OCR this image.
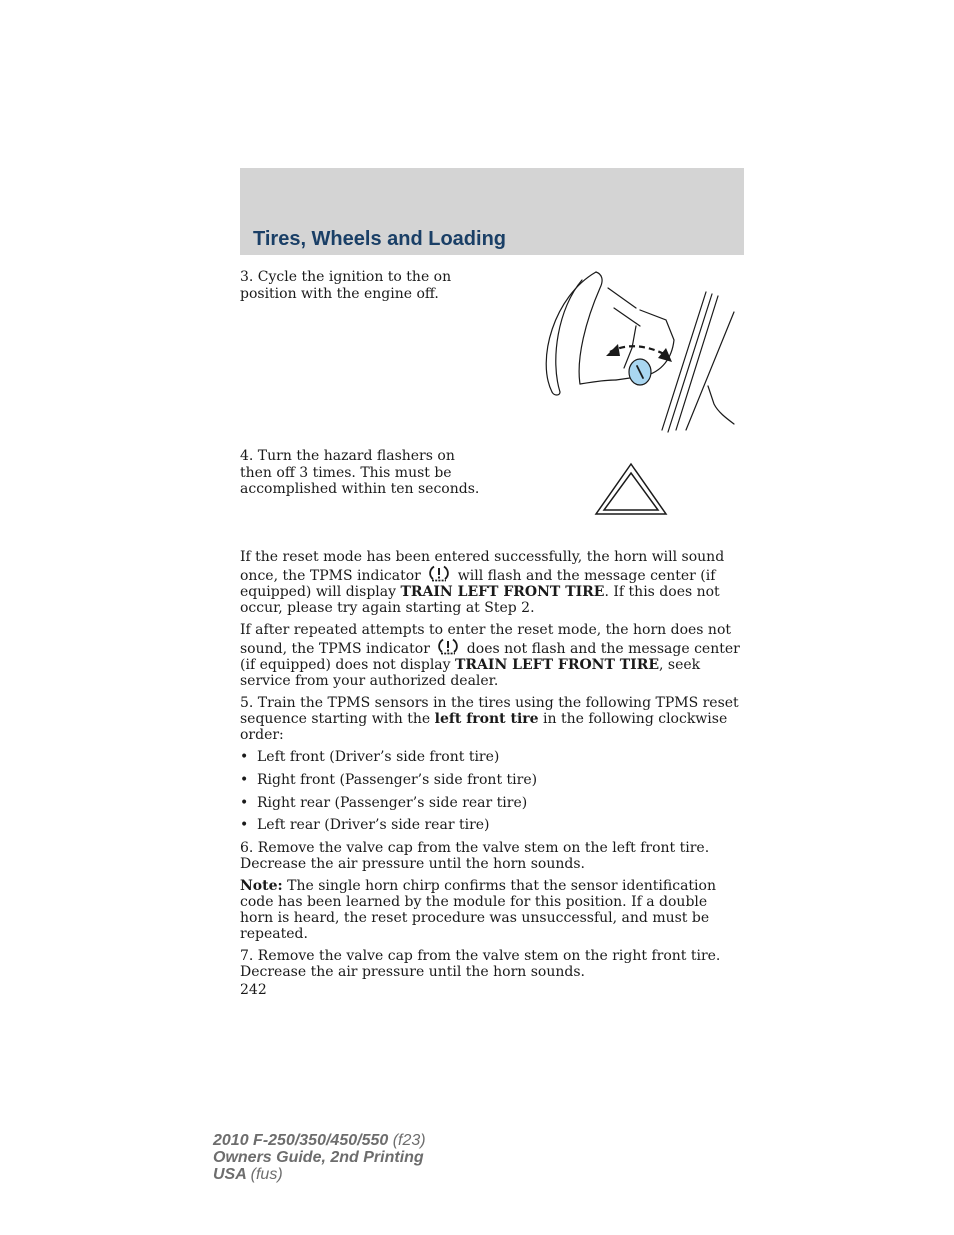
Tires, Wheels and Loading

3. Cycle the ignition to the on position with the engine off.

4. Turn the hazard flashers on then off 3 times. This must be accomplished within ten seconds.

If the reset mode has been entered successfully, the horn will sound once, the TPMS indicator	will flash and the message center (if equipped) will display TRAIN LEFT FRONT TIRE. If this does not occur, please try again starting at Step 2.

If after repeated attempts to enter the reset mode, the horn does not sound, the TPMS indicator	does not flash and the message center (if equipped) does not display TRAIN LEFT FRONT TIRE, seek service from your authorized dealer.

5. Train the TPMS sensors in the tires using the following TPMS reset sequence starting with the left front tire in the following clockwise order:

• Left front (Driver’s side front tire)
• Right front (Passenger’s side front tire)
• Right rear (Passenger’s side rear tire)
• Left rear (Driver’s side rear tire)

6. Remove the valve cap from the valve stem on the left front tire. Decrease the air pressure until the horn sounds.

Note: The single horn chirp confirms that the sensor identification code has been learned by the module for this position. If a double horn is heard, the reset procedure was unsuccessful, and must be repeated.

7. Remove the valve cap from the valve stem on the right front tire. Decrease the air pressure until the horn sounds.

242
2010 F-250/350/450/550 (f23)
Owners Guide, 2nd Printing
USA (fus)
